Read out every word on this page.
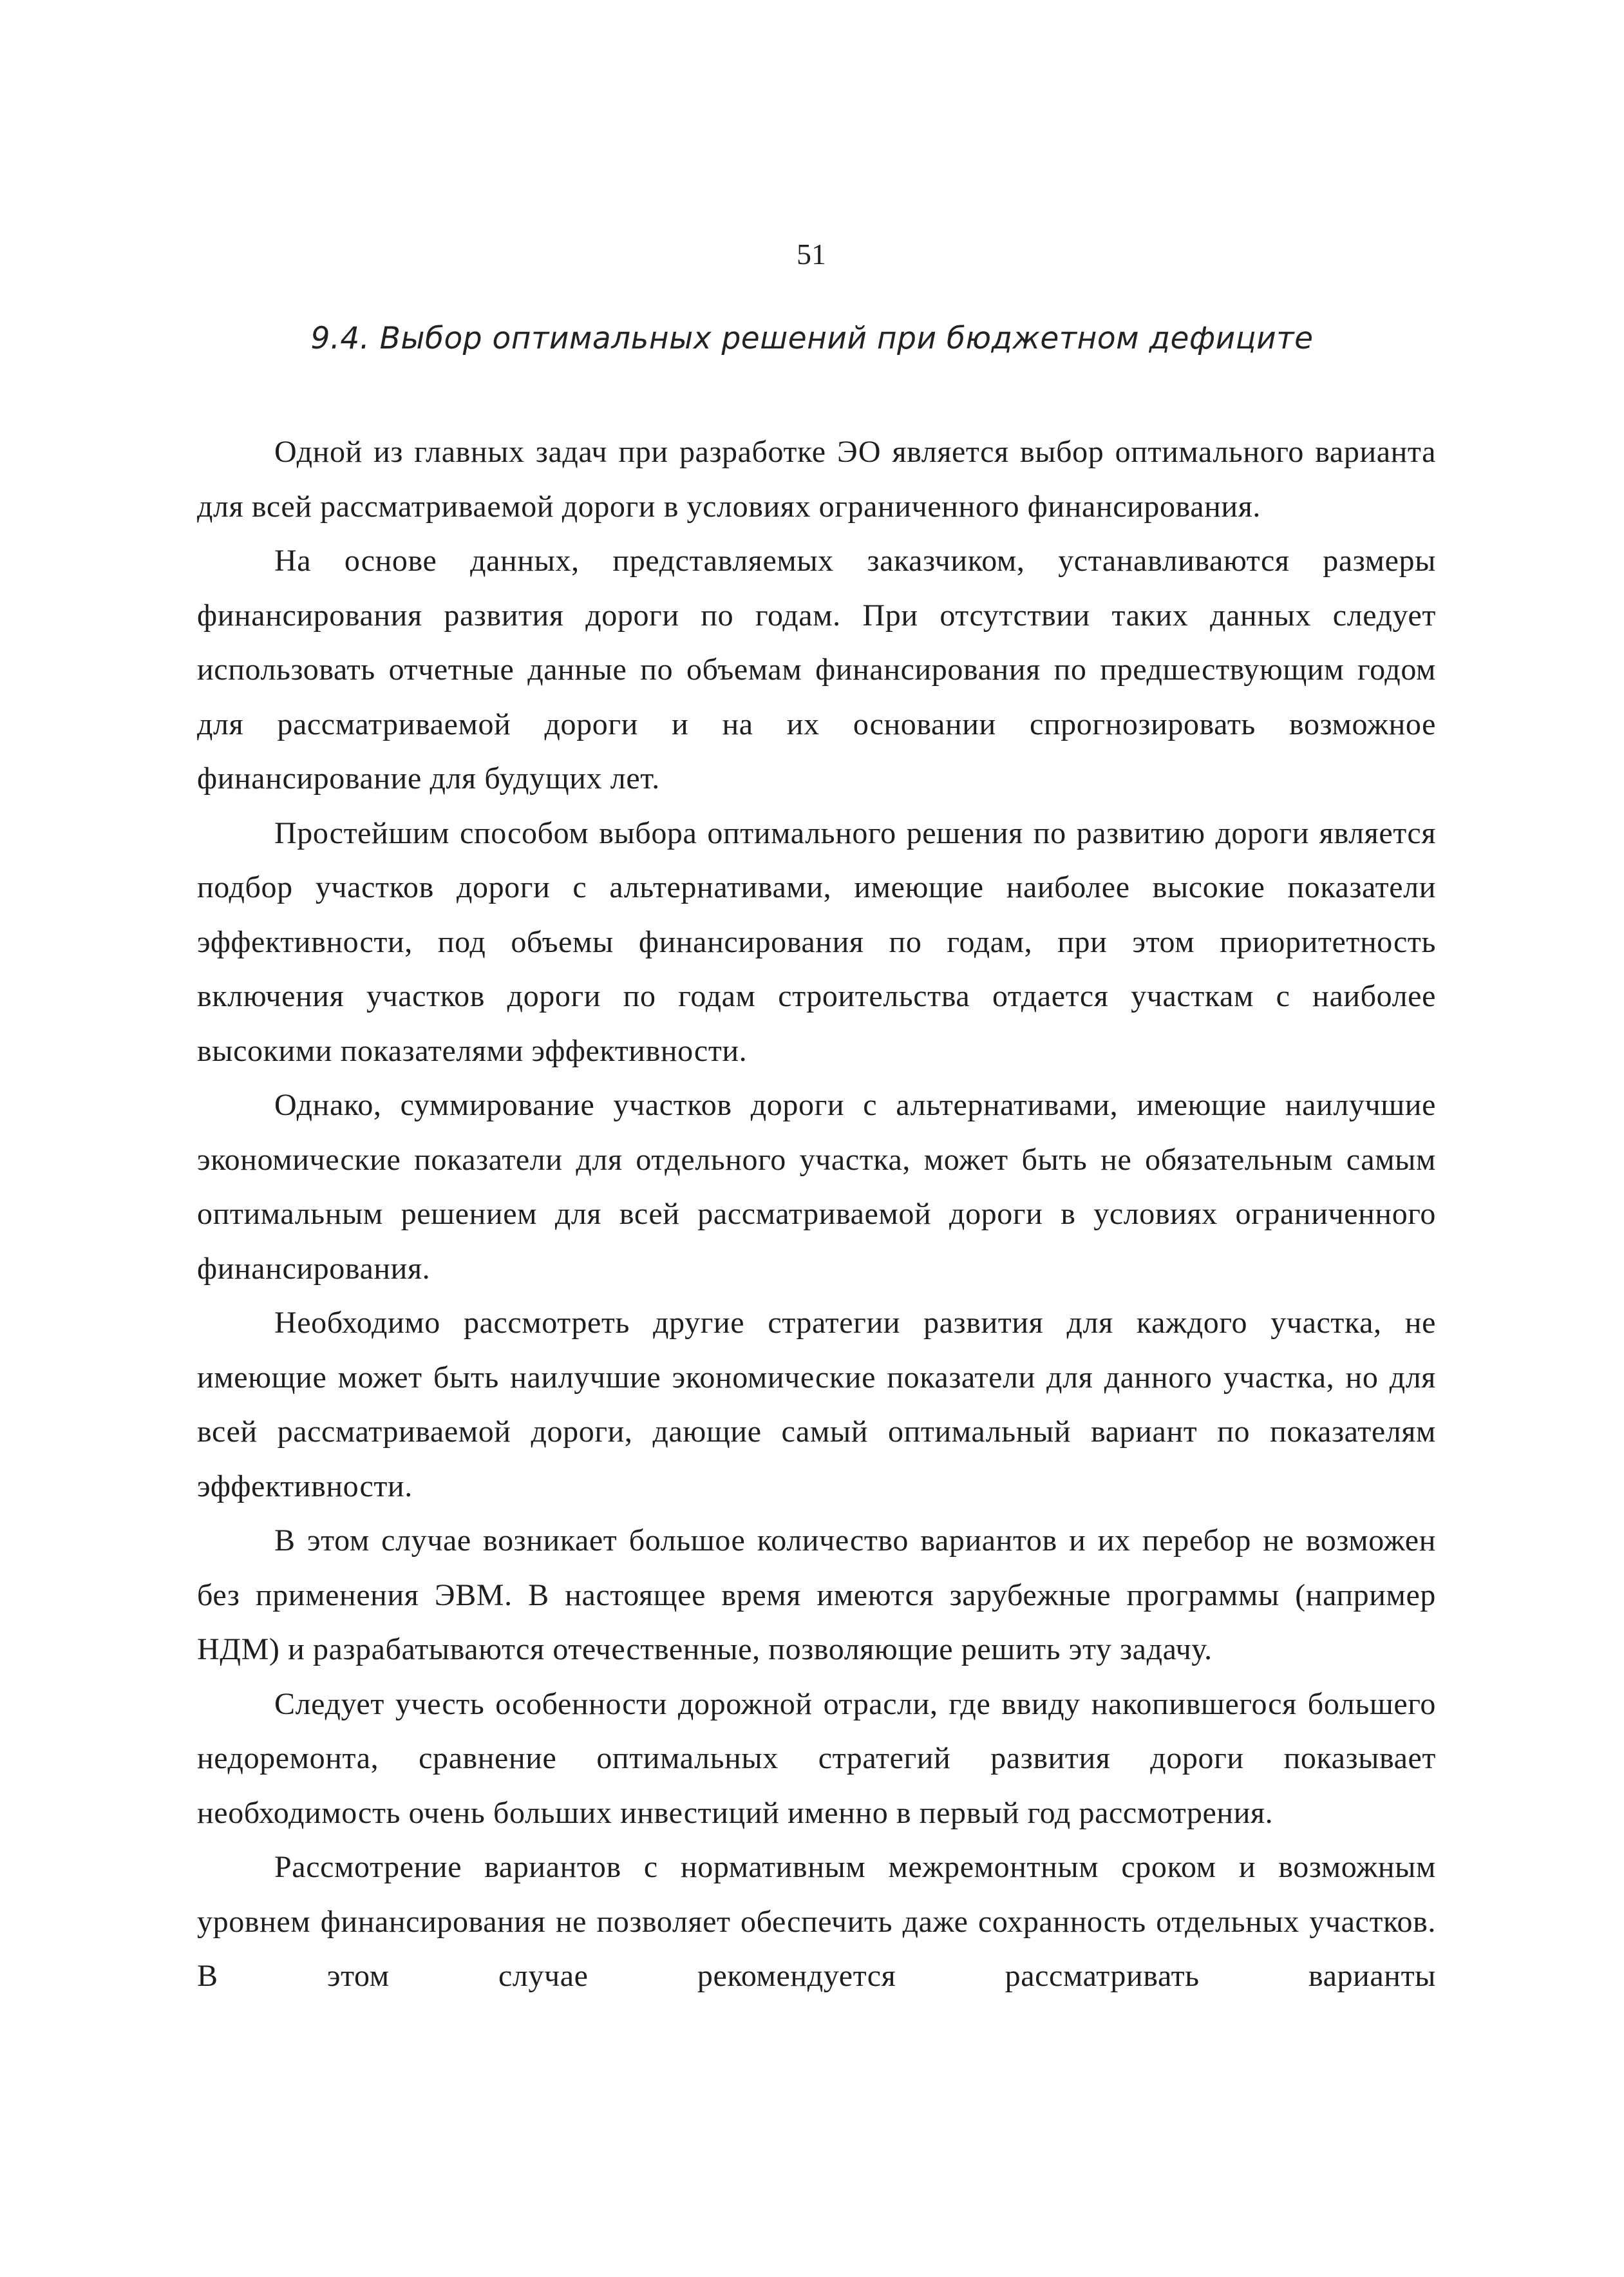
51
9.4. Выбор оптимальных решений при бюджетном дефиците

Одной из главных задач при разработке ЭО является выбор оптимального варианта для всей рассматриваемой дороги в условиях ограниченного финансирования.

На основе данных, представляемых заказчиком, устанавливаются размеры финансирования развития дороги по годам. При отсутствии таких данных следует использовать отчетные данные по объемам финансирования по предшествующим годом для рассматриваемой дороги и на их основании спрогнозировать возможное финансирование для будущих лет.

Простейшим способом выбора оптимального решения по развитию дороги является подбор участков дороги с альтернативами, имеющие наиболее высокие показатели эффективности, под объемы финансирования по годам, при этом приоритетность включения участков дороги по годам строительства отдается участкам с наиболее высокими показателями эффективности.

Однако, суммирование участков дороги с альтернативами, имеющие наилучшие экономические показатели для отдельного участка, может быть не обязательным самым оптимальным решением для всей рассматриваемой дороги в условиях ограниченного финансирования.

Необходимо рассмотреть другие стратегии развития для каждого участка, не имеющие может быть наилучшие экономические показатели для данного участка, но для всей рассматриваемой дороги, дающие самый оптимальный вариант по показателям эффективности.

В этом случае возникает большое количество вариантов и их перебор не возможен без применения ЭВМ. В настоящее время имеются зарубежные программы (например НДМ) и разрабатываются отечественные, позволяющие решить эту задачу.

Следует учесть особенности дорожной отрасли, где ввиду накопившегося большего недоремонта, сравнение оптимальных стратегий развития дороги показывает необходимость очень больших инвестиций именно в первый год рассмотрения.

Рассмотрение вариантов с нормативным межремонтным сроком и возможным уровнем финансирования не позволяет обеспечить даже сохранность отдельных участков. В этом случае рекомендуется рассматривать варианты
